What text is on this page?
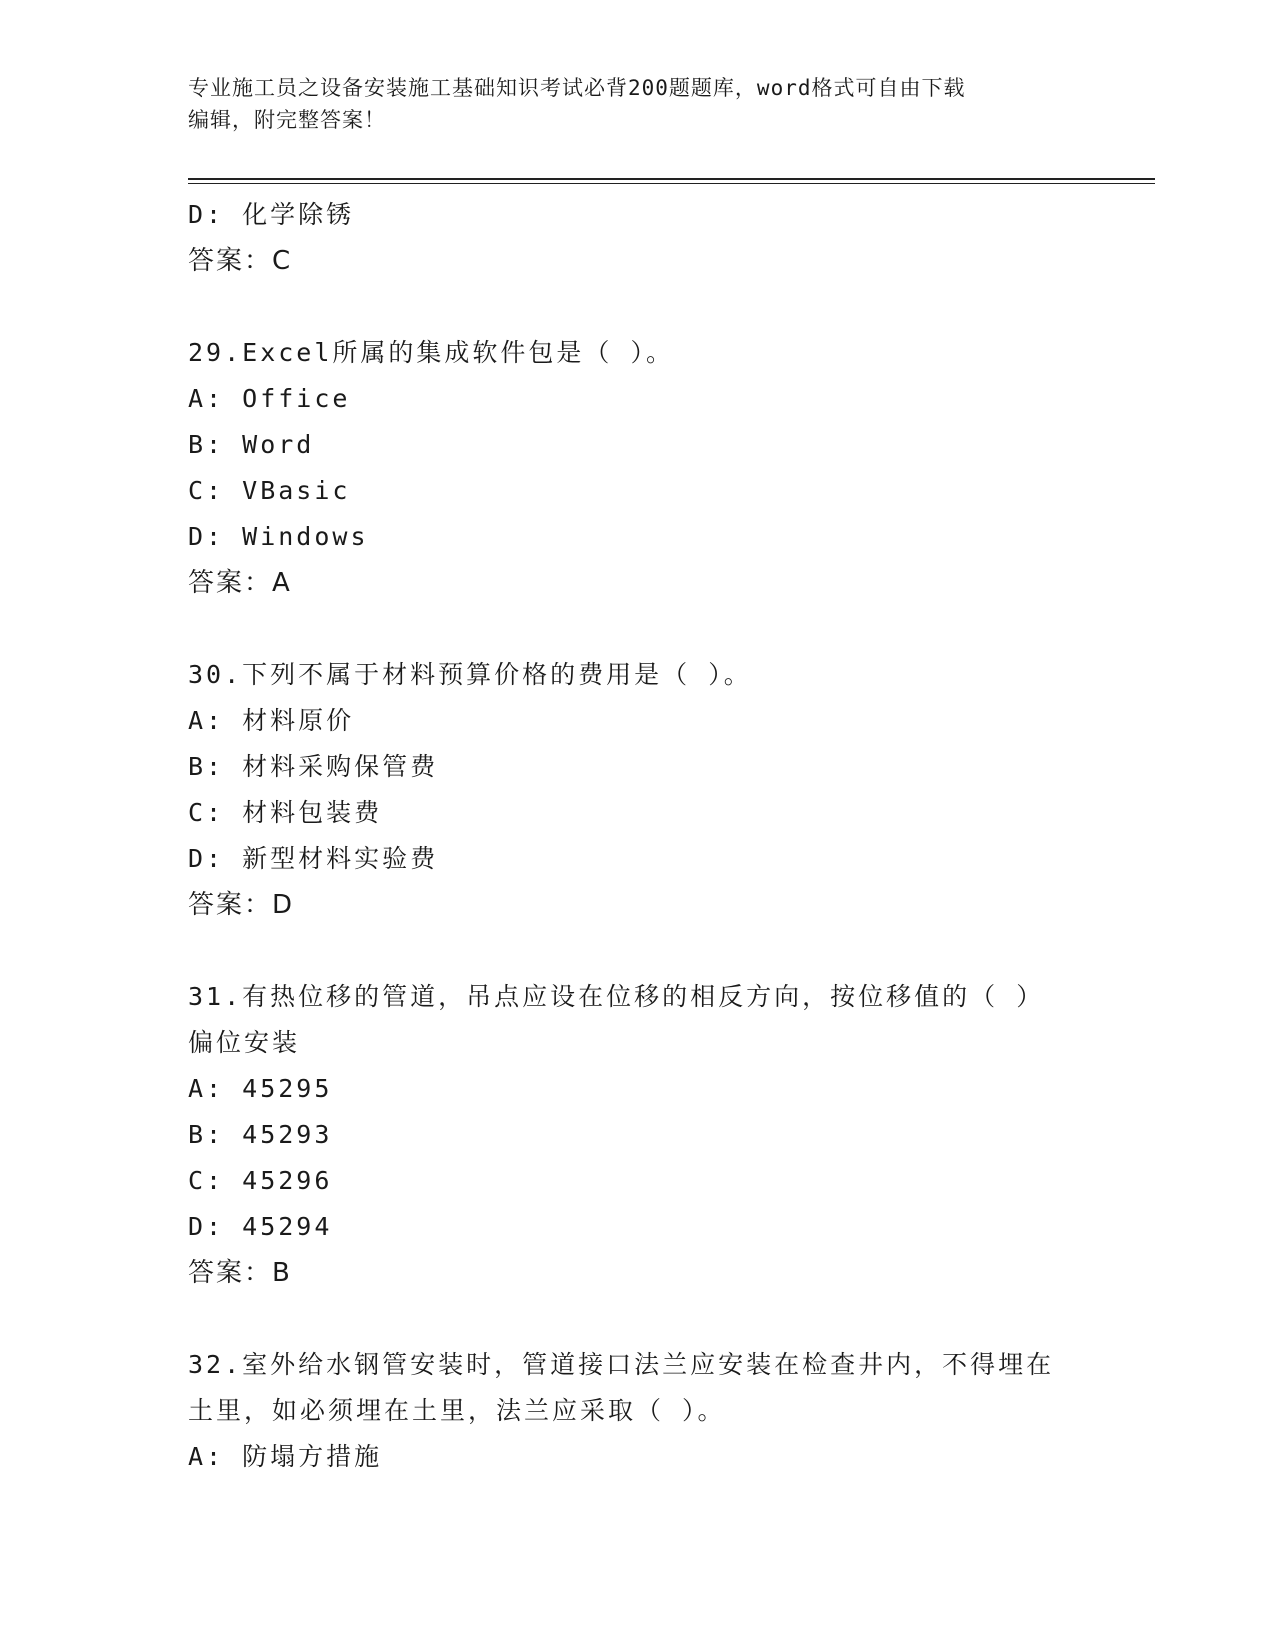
专业施工员之设备安装施工基础知识考试必背200题题库，word格式可自由下载
编辑，附完整答案！
D: 化学除锈
答案：C
29.Excel所属的集成软件包是（ ）。
A: Office
B: Word
C: VBasic
D: Windows
答案：A
30.下列不属于材料预算价格的费用是（ ）。
A: 材料原价
B: 材料采购保管费
C: 材料包装费
D: 新型材料实验费
答案：D
31.有热位移的管道，吊点应设在位移的相反方向，按位移值的（ ）
偏位安装
A: 45295
B: 45293
C: 45296
D: 45294
答案：B
32.室外给水钢管安装时，管道接口法兰应安装在检查井内，不得埋在
土里，如必须埋在土里，法兰应采取（ ）。
A: 防塌方措施
